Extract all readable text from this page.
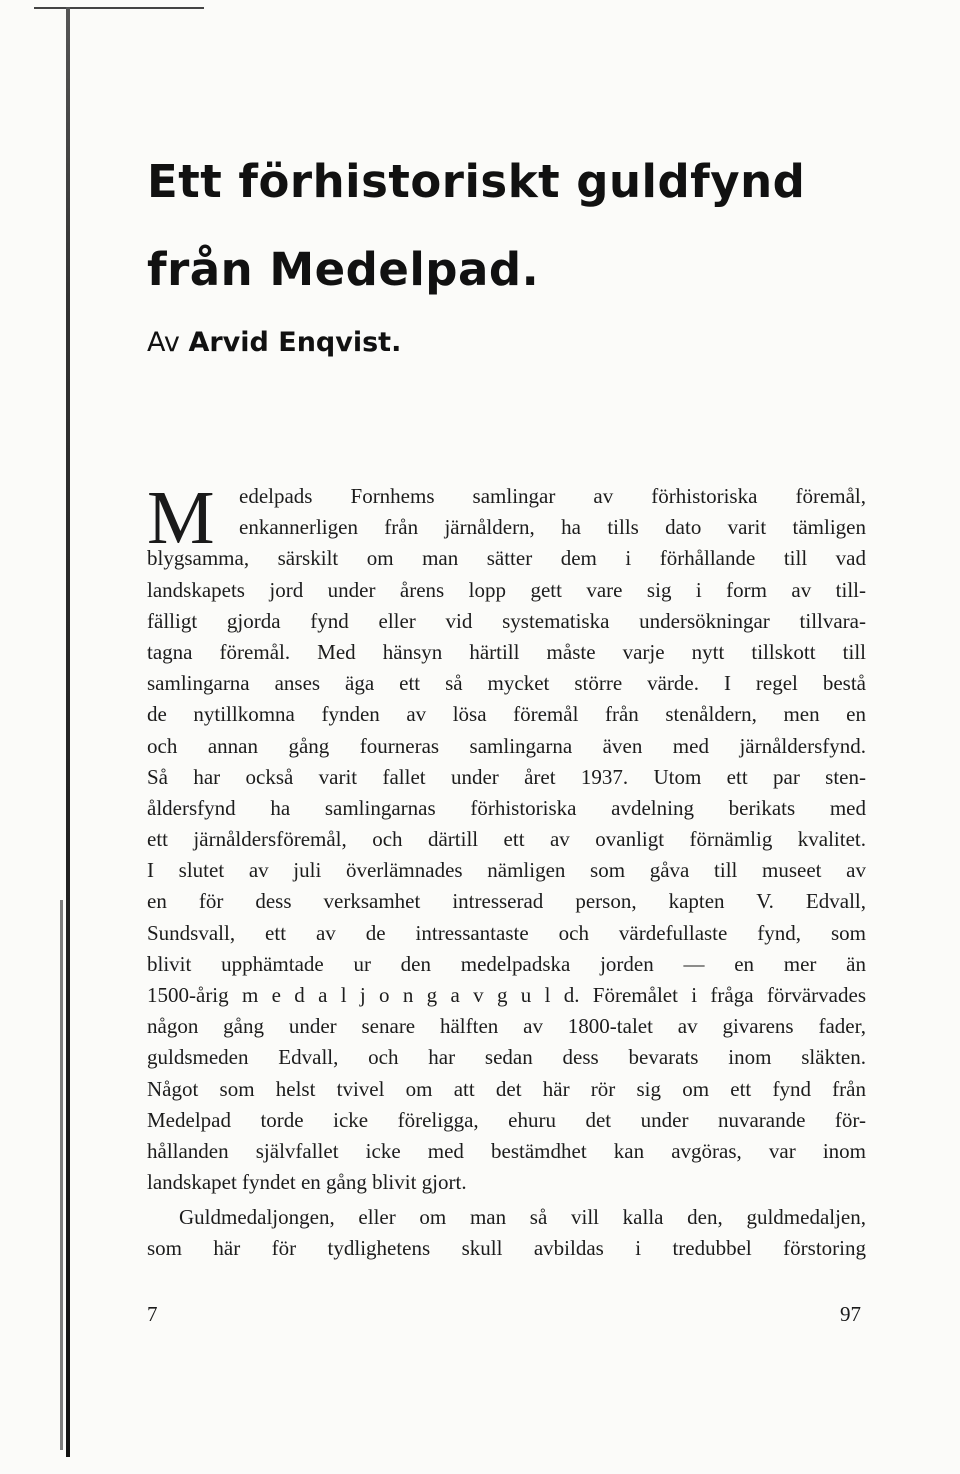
Ett förhistoriskt guldfynd
från Medelpad.
Av Arvid Enqvist.
M	edelpads Fornhems samlingar av förhistoriska föremål,
enkannerligen från järnåldern, ha tills dato varit tämligen
blygsamma, särskilt om man sätter dem i förhållande till vad
landskapets jord under årens lopp gett vare sig i form av till-
fälligt gjorda fynd eller vid systematiska undersökningar tillvara-
tagna föremål. Med hänsyn härtill måste varje nytt tillskott till
samlingarna anses äga ett så mycket större värde. I regel bestå
de nytillkomna fynden av lösa föremål från stenåldern, men en
och annan gång fourneras samlingarna även med järnåldersfynd.
Så har också varit fallet under året 1937. Utom ett par sten-
åldersfynd ha samlingarnas förhistoriska avdelning berikats med
ett järnåldersföremål, och därtill ett av ovanligt förnämlig kvalitet.
I slutet av juli överlämnades nämligen som gåva till museet av
en för dess verksamhet intresserad person, kapten V. Edvall,
Sundsvall, ett av de intressantaste och värdefullaste fynd, som
blivit upphämtade ur den medelpadska jorden — en mer än
1500-årig m e d a l j o n g a v g u l d. Föremålet i fråga förvärvades
någon gång under senare hälften av 1800-talet av givarens fader,
guldsmeden Edvall, och har sedan dess bevarats inom släkten.
Något som helst tvivel om att det här rör sig om ett fynd från
Medelpad torde icke föreligga, ehuru det under nuvarande för-
hållanden självfallet icke med bestämdhet kan avgöras, var inom
landskapet fyndet en gång blivit gjort.
Guldmedaljongen, eller om man så vill kalla den, guldmedaljen,
som här för tydlighetens skull avbildas i tredubbel förstoring
7	97
